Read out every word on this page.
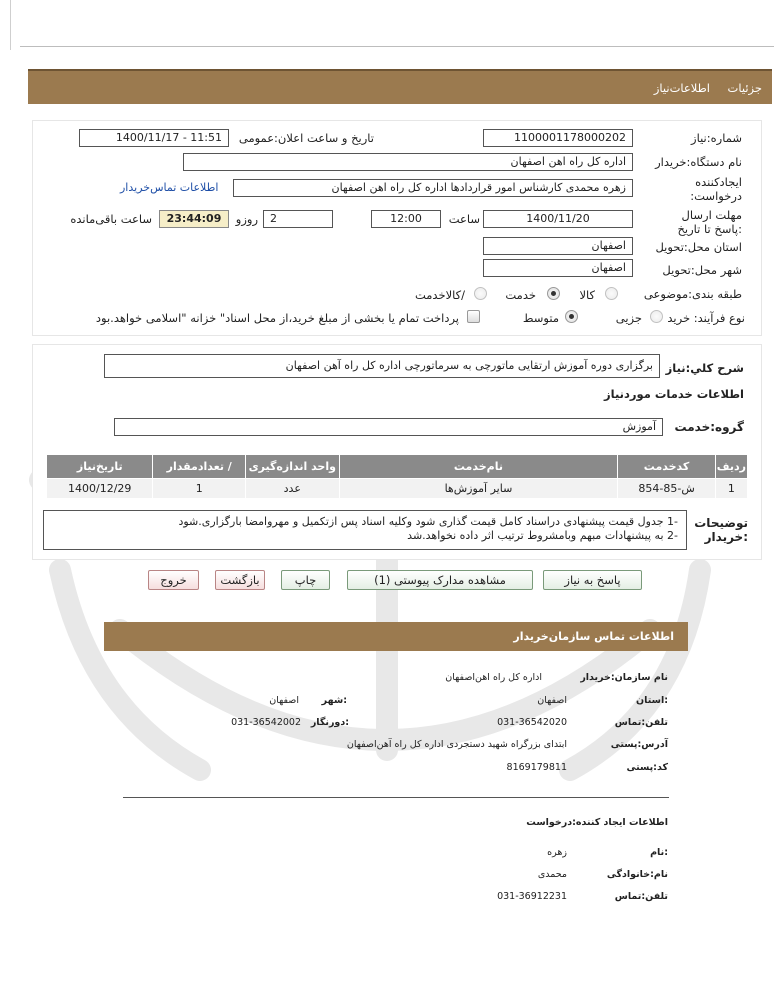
جزئیات
اطلاعات‌نیاز
شماره:نیاز
1100001178000202
تاریخ و ساعت اعلان:عمومی
1400/11/17 - 11:51
نام دستگاه:خریدار
اداره کل راه اهن اصفهان
ایجادکننده درخواست:
زهره محمدی کارشناس امور قراردادها اداره کل راه اهن اصفهان
اطلاعات تماس‌خریدار
مهلت ارسال :پاسخ تا تاریخ
1400/11/20
ساعت
12:00
2
روزو
23:44:09
ساعت باقی‌مانده
استان محل:تحویل
اصفهان
شهر محل:تحویل
اصفهان
طبقه بندی:موضوعی
کالا
خدمت
/کالاخدمت
نوع فرآیند: خرید
جزیی
متوسط
پرداخت تمام یا بخشی از مبلغ خرید،از محل اسناد" خزانه "اسلامی خواهد.بود
شرح کلي:نیاز
برگزاری دوره آموزش ارتقایی ماتورچی به سرماتورچی اداره کل راه آهن اصفهان
اطلاعات خدمات موردنیاز
گروه:خدمت
آموزش
ردیف	کدخدمت	نام‌خدمت	واحد اندازه‌گیری	/ تعدادمقدار	تاریخ‌نیاز
1	ش-85-854	سایر آموزش‌ها	عدد	1	1400/12/29
توضیحات :خریدار
-1 جدول قیمت پیشنهادی دراسناد کامل قیمت گذاری شود وکلیه اسناد پس ازتکمیل و مهروامضا بارگزاری.شود
-2 به پیشنهادات مبهم وبامشروط ترتیب اثر داده نخواهد.شد
پاسخ به نیاز
مشاهده مدارک پیوستی (1)
چاپ
بازگشت
خروج
اطلاعات تماس سازمان‌خریدار
نام سازمان:خریدار
اداره کل راه اهن‌اصفهان
:استان
اصفهان
:شهر
اصفهان
تلفن:تماس
031-36542020
:دورنگار
031-36542002
آدرس:پستی
ابتدای بزرگراه شهید دستجردی اداره کل راه آهن‌اصفهان
کد:پستی
8169179811
اطلاعات ایجاد کننده:درخواست
:نام
زهره
نام:خانوادگی
محمدی
تلفن:تماس
031-36912231
